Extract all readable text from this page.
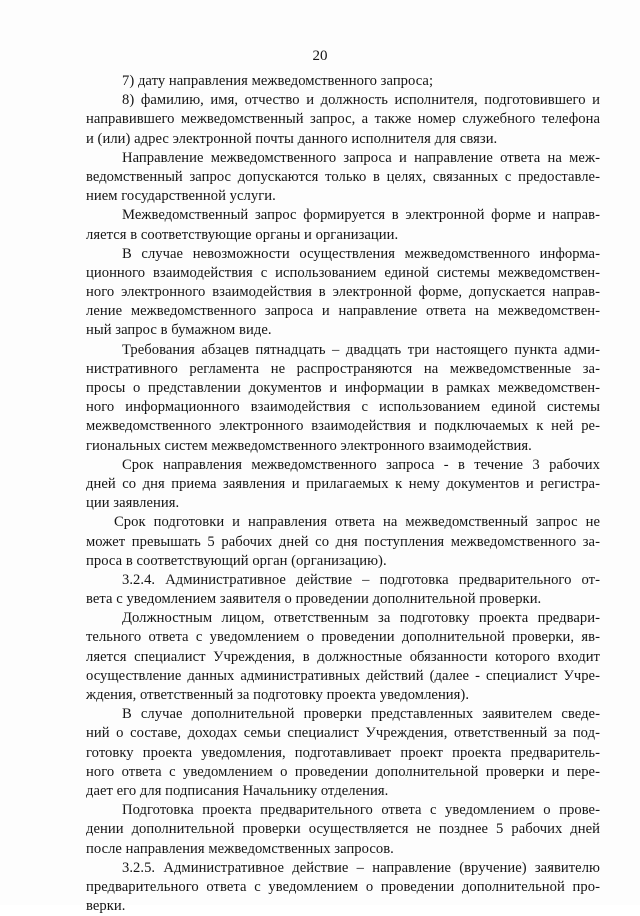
20
7) дату направления межведомственного запроса;
8) фамилию, имя, отчество и должность исполнителя, подготовившего и
направившего межведомственный запрос, а также номер служебного телефона
и (или) адрес электронной почты данного исполнителя для связи.
Направление межведомственного запроса и направление ответа на меж-
ведомственный запрос допускаются только в целях, связанных с предоставле-
нием государственной услуги.
Межведомственный запрос формируется в электронной форме и направ-
ляется в соответствующие органы и организации.
В случае невозможности осуществления межведомственного информа-
ционного взаимодействия с использованием единой системы межведомствен-
ного электронного взаимодействия в электронной форме, допускается направ-
ление межведомственного запроса и направление ответа на межведомствен-
ный запрос в бумажном виде.
Требования абзацев пятнадцать – двадцать три настоящего пункта адми-
нистративного регламента не распространяются на межведомственные за-
просы о представлении документов и информации в рамках межведомствен-
ного информационного взаимодействия с использованием единой системы
межведомственного электронного взаимодействия и подключаемых к ней ре-
гиональных систем межведомственного электронного взаимодействия.
Срок направления межведомственного запроса - в течение 3 рабочих
дней со дня приема заявления и прилагаемых к нему документов и регистра-
ции заявления.
Срок подготовки и направления ответа на межведомственный запрос не
может превышать 5 рабочих дней со дня поступления межведомственного за-
проса в соответствующий орган (организацию).
3.2.4. Административное действие – подготовка предварительного от-
вета с уведомлением заявителя о проведении дополнительной проверки.
Должностным лицом, ответственным за подготовку проекта предвари-
тельного ответа с уведомлением о проведении дополнительной проверки, яв-
ляется специалист Учреждения, в должностные обязанности которого входит
осуществление данных административных действий (далее - специалист Учре-
ждения, ответственный за подготовку проекта уведомления).
В случае дополнительной проверки представленных заявителем сведе-
ний о составе, доходах семьи специалист Учреждения, ответственный за под-
готовку проекта уведомления, подготавливает проект проекта предваритель-
ного ответа с уведомлением о проведении дополнительной проверки и пере-
дает его для подписания Начальнику отделения.
Подготовка проекта предварительного ответа с уведомлением о прове-
дении дополнительной проверки осуществляется не позднее 5 рабочих дней
после направления межведомственных запросов.
3.2.5. Административное действие – направление (вручение) заявителю
предварительного ответа с уведомлением о проведении дополнительной про-
верки.
